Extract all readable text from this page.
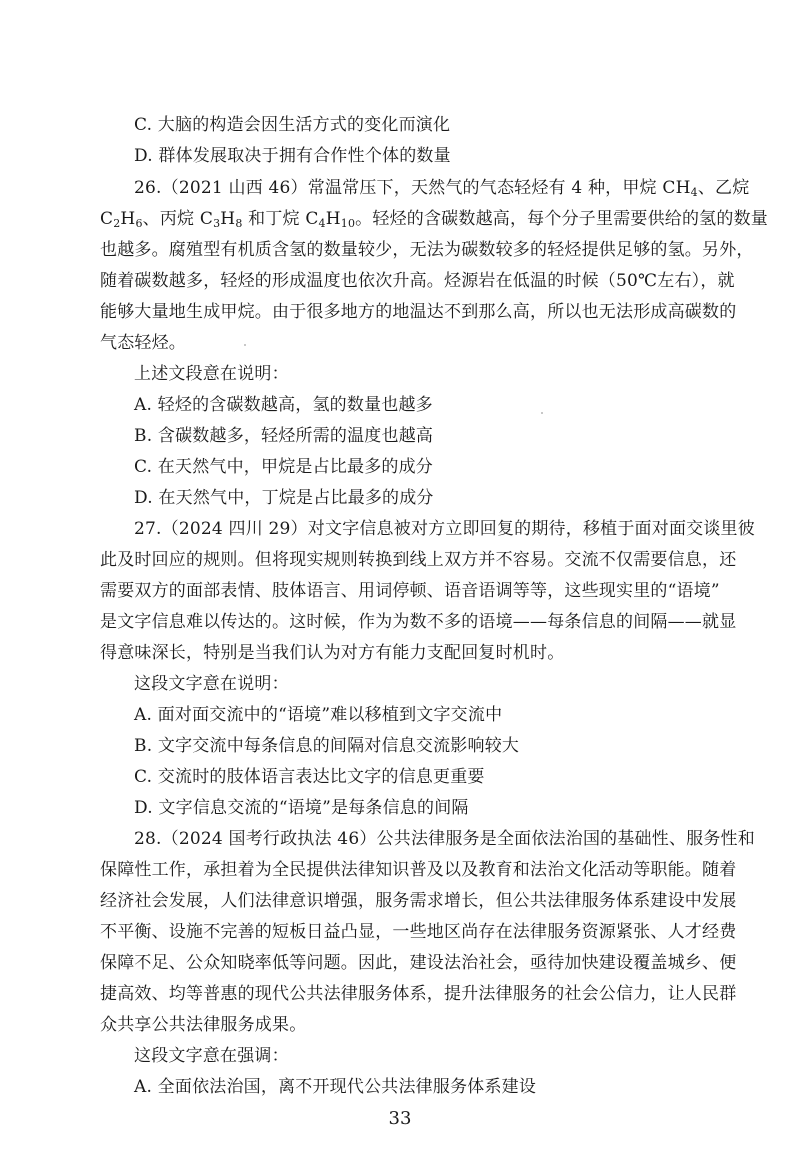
C. 大脑的构造会因生活方式的变化而演化
D. 群体发展取决于拥有合作性个体的数量
26.（2021 山西 46）常温常压下，天然气的气态轻烃有 4 种，甲烷 $CH_4$、乙烷
$C_2H_6$、丙烷 $C_3H_8$ 和丁烷 $C_4H_{10}$。轻烃的含碳数越高，每个分子里需要供给的氢的数量
也越多。腐殖型有机质含氢的数量较少，无法为碳数较多的轻烃提供足够的氢。另外，
随着碳数越多，轻烃的形成温度也依次升高。烃源岩在低温的时候（50℃左右），就
能够大量地生成甲烷。由于很多地方的地温达不到那么高，所以也无法形成高碳数的
气态轻烃。
上述文段意在说明：
A. 轻烃的含碳数越高，氢的数量也越多
B. 含碳数越多，轻烃所需的温度也越高
C. 在天然气中，甲烷是占比最多的成分
D. 在天然气中，丁烷是占比最多的成分
27.（2024 四川 29）对文字信息被对方立即回复的期待，移植于面对面交谈里彼
此及时回应的规则。但将现实规则转换到线上双方并不容易。交流不仅需要信息，还
需要双方的面部表情、肢体语言、用词停顿、语音语调等等，这些现实里的“语境”
是文字信息难以传达的。这时候，作为为数不多的语境——每条信息的间隔——就显
得意味深长，特别是当我们认为对方有能力支配回复时机时。
这段文字意在说明：
A. 面对面交流中的“语境”难以移植到文字交流中
B. 文字交流中每条信息的间隔对信息交流影响较大
C. 交流时的肢体语言表达比文字的信息更重要
D. 文字信息交流的“语境”是每条信息的间隔
28.（2024 国考行政执法 46）公共法律服务是全面依法治国的基础性、服务性和
保障性工作，承担着为全民提供法律知识普及以及教育和法治文化活动等职能。随着
经济社会发展，人们法律意识增强，服务需求增长，但公共法律服务体系建设中发展
不平衡、设施不完善的短板日益凸显，一些地区尚存在法律服务资源紧张、人才经费
保障不足、公众知晓率低等问题。因此，建设法治社会，亟待加快建设覆盖城乡、便
捷高效、均等普惠的现代公共法律服务体系，提升法律服务的社会公信力，让人民群
众共享公共法律服务成果。
这段文字意在强调：
A. 全面依法治国，离不开现代公共法律服务体系建设
33
